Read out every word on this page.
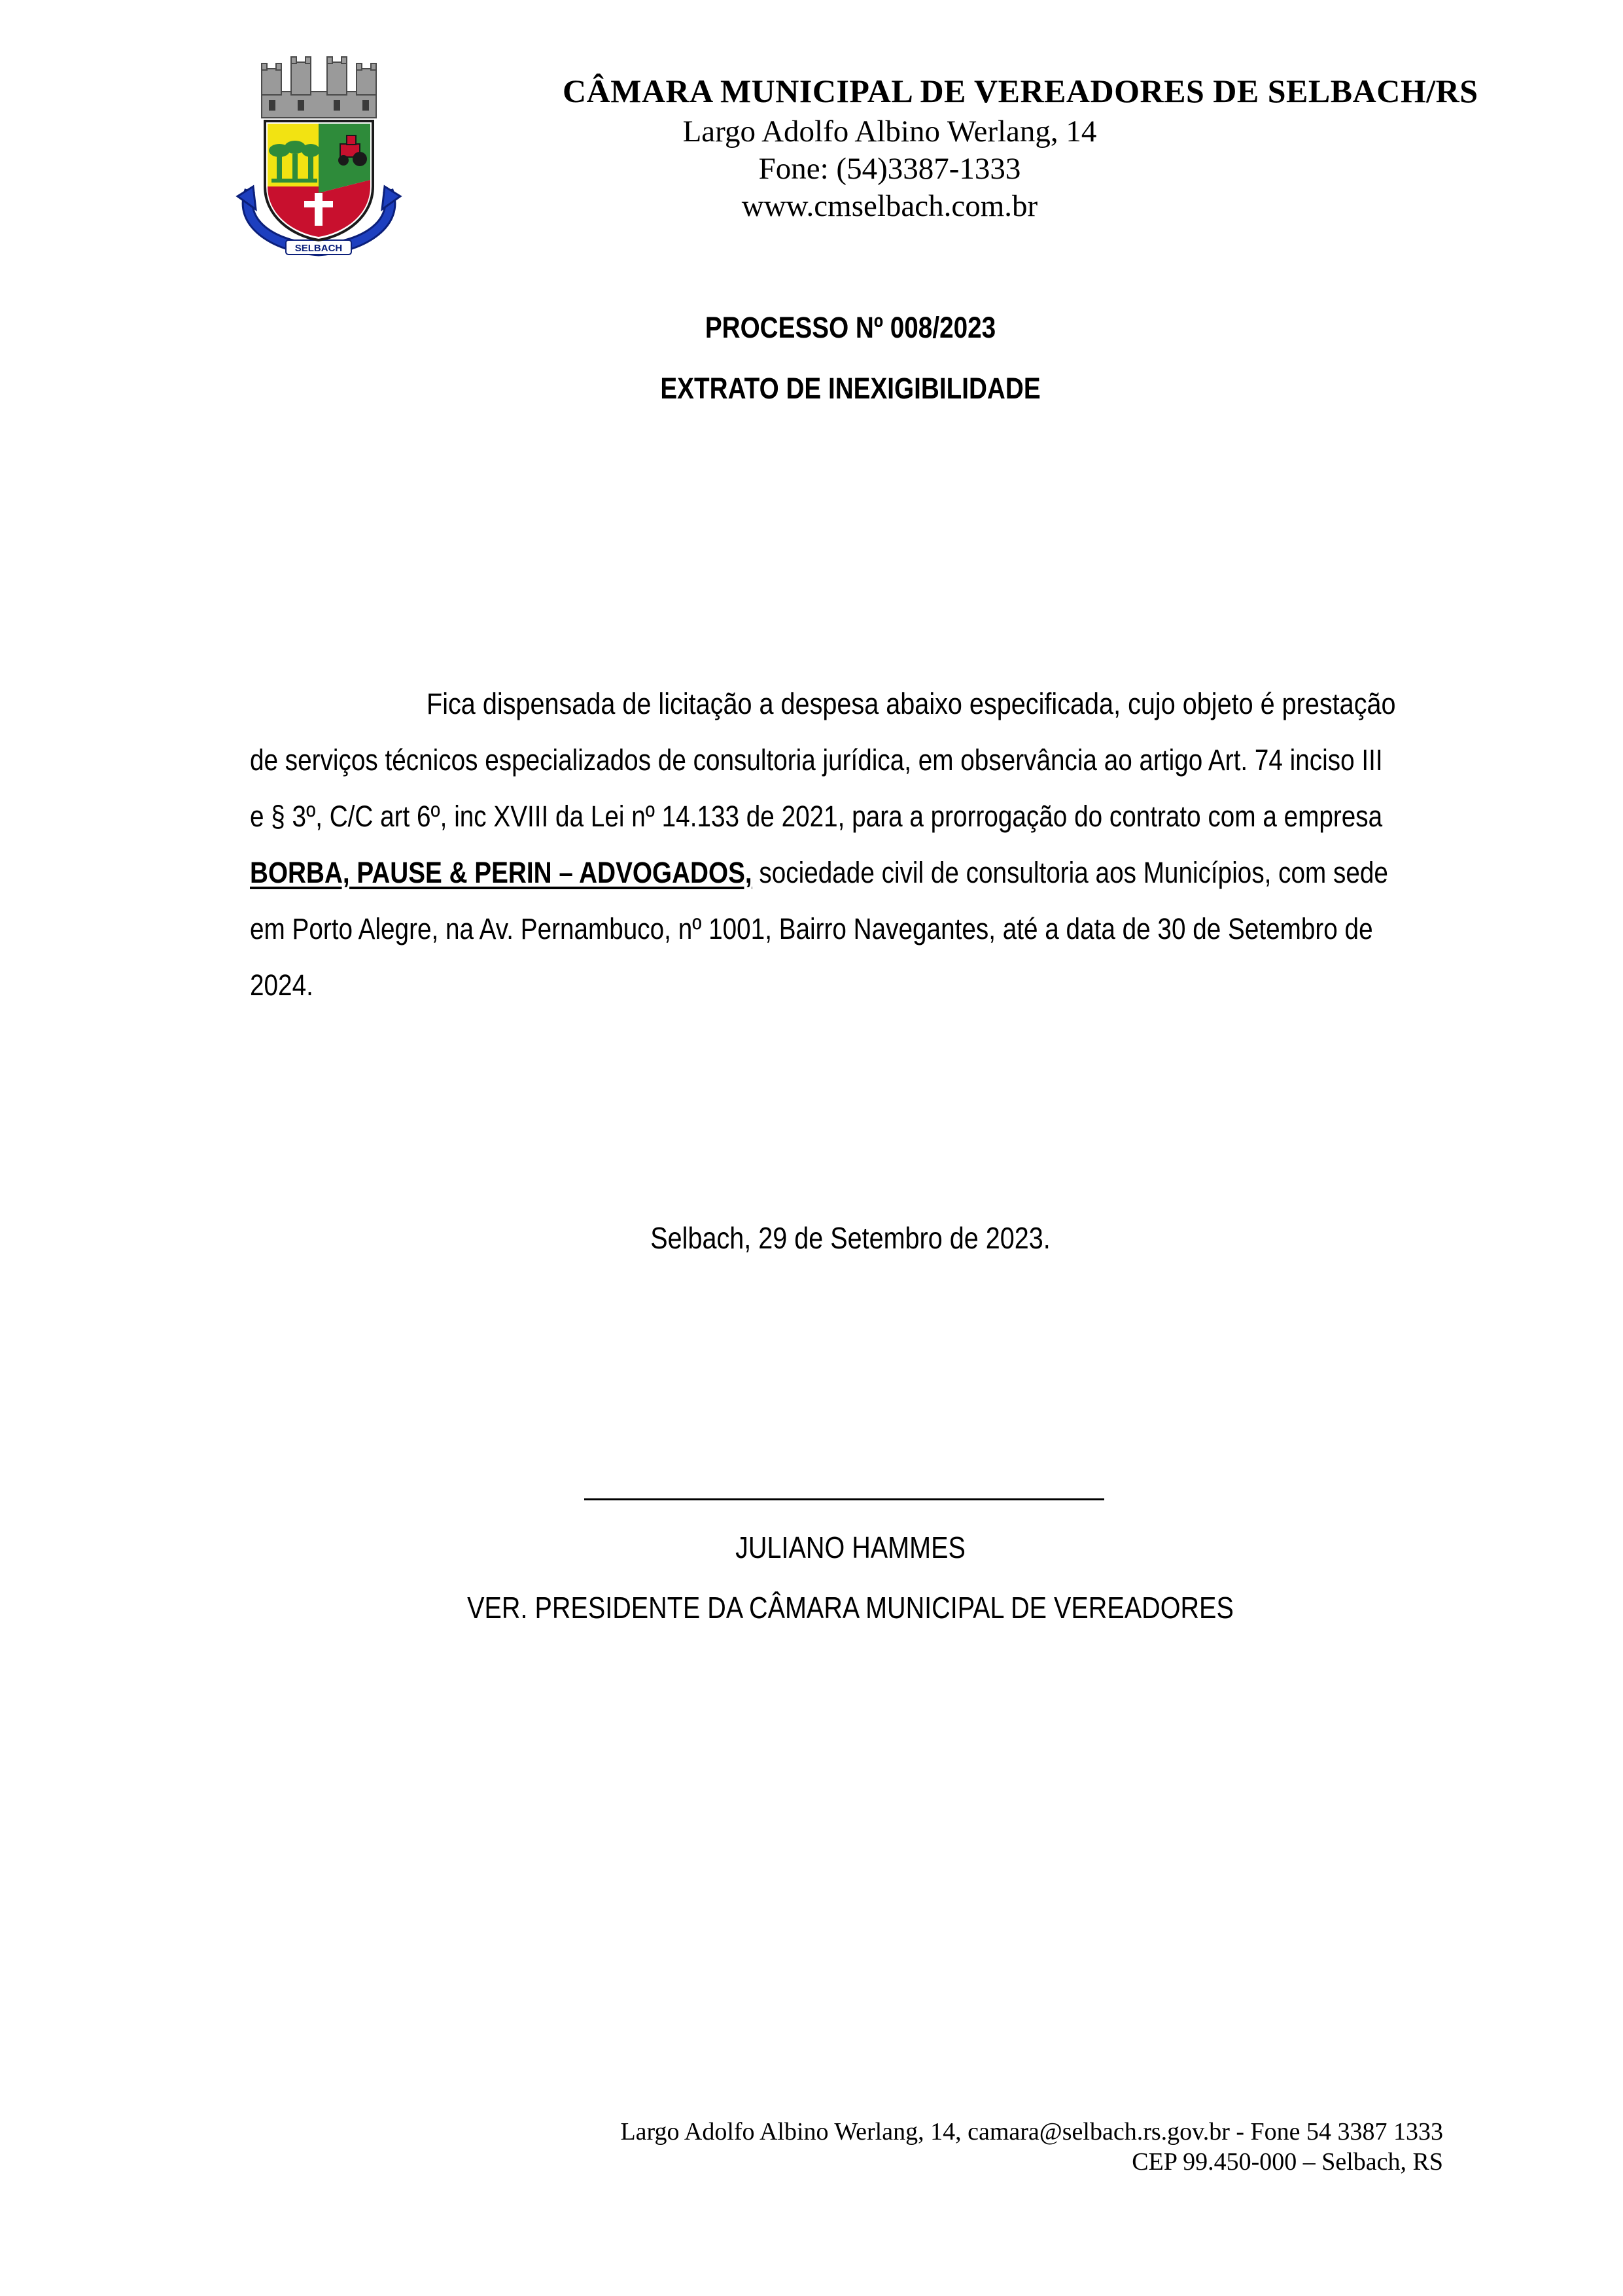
SELBACH
CÂMARA MUNICIPAL DE VEREADORES DE SELBACH/RS
Largo Adolfo Albino Werlang, 14
Fone: (54)3387-1333
www.cmselbach.com.br
PROCESSO Nº 008/2023
EXTRATO DE INEXIGIBILIDADE
Fica dispensada de licitação a despesa abaixo especificada, cujo objeto é prestação
de serviços técnicos especializados de consultoria jurídica, em observância ao artigo Art. 74 inciso III
e § 3º, C/C art 6º, inc XVIII da Lei nº 14.133 de 2021, para a prorrogação do contrato com a empresa
BORBA, PAUSE & PERIN – ADVOGADOS, sociedade civil de consultoria aos Municípios, com sede
em Porto Alegre, na Av. Pernambuco, nº 1001, Bairro Navegantes, até a data de 30 de Setembro de
2024.
Selbach, 29 de Setembro de 2023.
JULIANO HAMMES
VER. PRESIDENTE DA CÂMARA MUNICIPAL DE VEREADORES
Largo Adolfo Albino Werlang, 14, camara@selbach.rs.gov.br - Fone 54 3387 1333
CEP 99.450-000 – Selbach, RS
